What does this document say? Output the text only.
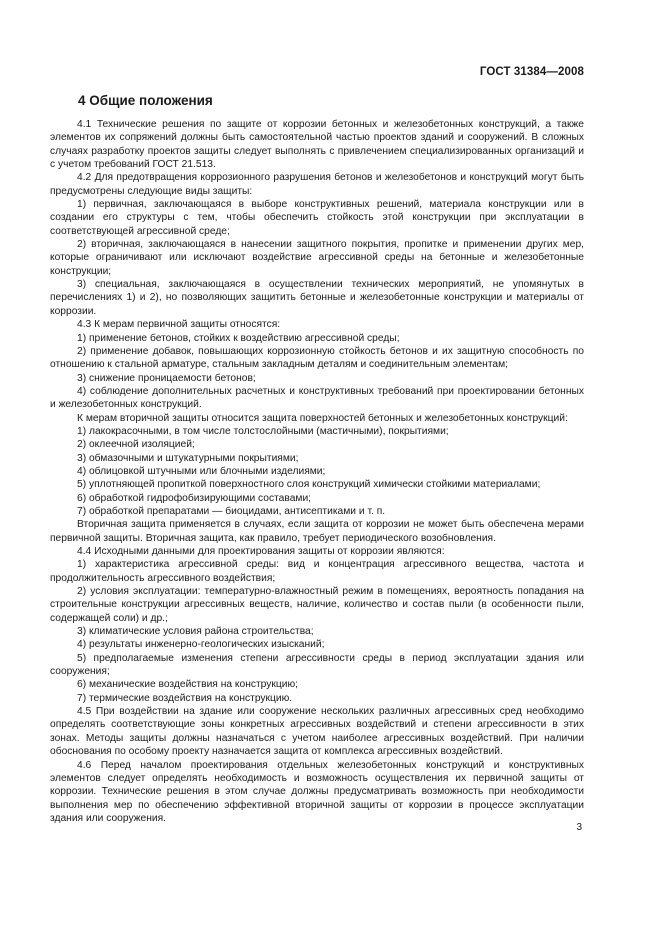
ГОСТ 31384—2008
4 Общие положения

4.1 Технические решения по защите от коррозии бетонных и железобетонных конструкций, а также элементов их сопряжений должны быть самостоятельной частью проектов зданий и сооружений. В сложных случаях разработку проектов защиты следует выполнять с привлечением специализированных организаций и с учетом требований ГОСТ 21.513.

4.2 Для предотвращения коррозионного разрушения бетонов и железобетонов и конструкций могут быть предусмотрены следующие виды защиты:

1) первичная, заключающаяся в выборе конструктивных решений, материала конструкции или в создании его структуры с тем, чтобы обеспечить стойкость этой конструкции при эксплуатации в соответствующей агрессивной среде;

2) вторичная, заключающаяся в нанесении защитного покрытия, пропитке и применении других мер, которые ограничивают или исключают воздействие агрессивной среды на бетонные и железобетонные конструкции;

3) специальная, заключающаяся в осуществлении технических мероприятий, не упомянутых в перечислениях 1) и 2), но позволяющих защитить бетонные и железобетонные конструкции и материалы от коррозии.

4.3 К мерам первичной защиты относятся:

1) применение бетонов, стойких к воздействию агрессивной среды;

2) применение добавок, повышающих коррозионную стойкость бетонов и их защитную способность по отношению к стальной арматуре, стальным закладным деталям и соединительным элементам;

3) снижение проницаемости бетонов;

4) соблюдение дополнительных расчетных и конструктивных требований при проектировании бетонных и железобетонных конструкций.

К мерам вторичной защиты относится защита поверхностей бетонных и железобетонных конструкций:

1) лакокрасочными, в том числе толстослойными (мастичными), покрытиями;

2) оклеечной изоляцией;

3) обмазочными и штукатурными покрытиями;

4) облицовкой штучными или блочными изделиями;

5) уплотняющей пропиткой поверхностного слоя конструкций химически стойкими материалами;

6) обработкой гидрофобизирующими составами;

7) обработкой препаратами — биоцидами, антисептиками и т. п.

Вторичная защита применяется в случаях, если защита от коррозии не может быть обеспечена мерами первичной защиты. Вторичная защита, как правило, требует периодического возобновления.

4.4 Исходными данными для проектирования защиты от коррозии являются:

1) характеристика агрессивной среды: вид и концентрация агрессивного вещества, частота и продолжительность агрессивного воздействия;

2) условия эксплуатации: температурно-влажностный режим в помещениях, вероятность попадания на строительные конструкции агрессивных веществ, наличие, количество и состав пыли (в особенности пыли, содержащей соли) и др.;

3) климатические условия района строительства;

4) результаты инженерно-геологических изысканий;

5) предполагаемые изменения степени агрессивности среды в период эксплуатации здания или сооружения;

6) механические воздействия на конструкцию;

7) термические воздействия на конструкцию.

4.5 При воздействии на здание или сооружение нескольких различных агрессивных сред необходимо определять соответствующие зоны конкретных агрессивных воздействий и степени агрессивности в этих зонах. Методы защиты должны назначаться с учетом наиболее агрессивных воздействий. При наличии обоснования по особому проекту назначается защита от комплекса агрессивных воздействий.

4.6 Перед началом проектирования отдельных железобетонных конструкций и конструктивных элементов следует определять необходимость и возможность осуществления их первичной защиты от коррозии. Технические решения в этом случае должны предусматривать возможность при необходимости выполнения мер по обеспечению эффективной вторичной защиты от коррозии в процессе эксплуатации здания или сооружения.

3
